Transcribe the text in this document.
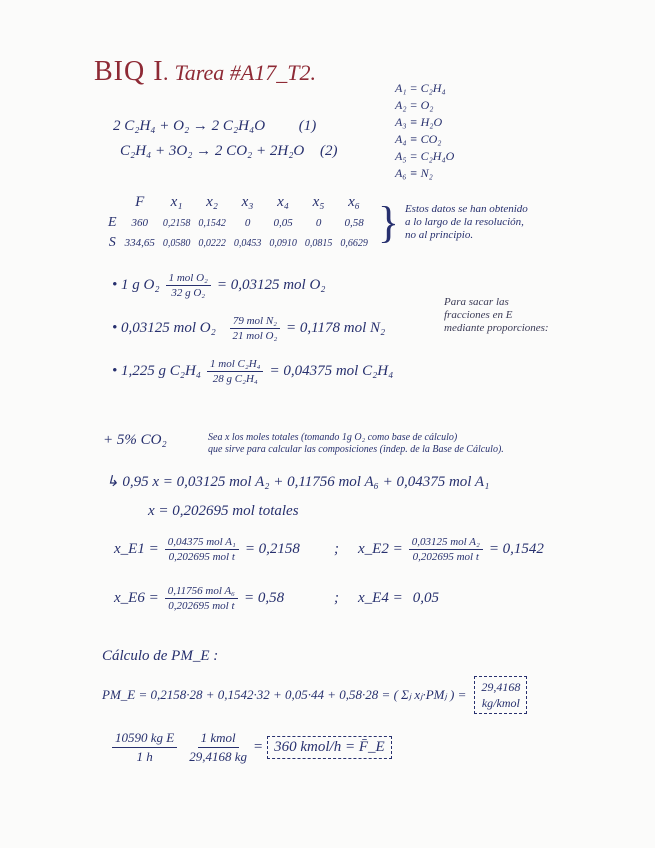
BIQ I. Tarea #A17_T2.
2 C₂H₄ + O₂ → 2 C₂H₄O (1)
C₂H₄ + 3O₂ → 2 CO₂ + 2H₂O (2)
A₁ = C₂H₄
A₂ = O₂
A₃ ≡ H₂O
A₄ ≡ CO₂
A₅ = C₂H₄O
A₆ ≡ N₂
	F	x₁	x₂	x₃	x₄	x₅	x₆
E	360	0,2158	0,1542	0	0,05	0	0,58
S	334,65	0,0580	0,0222	0,0453	0,0910	0,0815	0,6629 } Estos datos se han obtenido
a lo largo de la resolución,
no al principio.
• 1 g $O_2 \frac{\text{1 mol O₂}}{\text{32 g O₂}} = 0,03125$ mol O₂
• 0,03125 mol $O_2 \frac{\text{79 mol N₂}}{\text{21 mol O₂}} = 0,1178$ mol N₂
• 1,225 g $C_2H_4 \frac{\text{1 mol C₂H₄}}{\text{28 g C₂H₄}} = 0,04375$ mol C₂H₄
Para sacar las
fracciones en E
mediante proporciones:
+ 5% CO₂	Sea x los moles totales (tomando 1g O₂ como base de cálculo)
que sirve para calcular las composiciones (indep. de la Base de Cálculo).
↳ 0,95 x = 0,03125 mol A₂ + 0,11756 mol A₆ + 0,04375 mol A₁
x = 0,202695 mol totales
x_E1 = $\frac{\text{0,04375 mol A₁}}{\text{0,202695 mol t}} = 0,2158$ ;	x_E2 = $\frac{\text{0,03125 mol A₂}}{\text{0,202695 mol t}} = 0,1542$
x_E6 = $\frac{\text{0,11756 mol A₆}}{\text{0,202695 mol t}} = 0,58$	;	x_E4 = 0,05
Cálculo de PM_E :
PM_E = 0,2158·28 + 0,1542·32 + 0,05·44 + 0,58·28 = ( Σⱼ xⱼ·PMⱼ ) = 29,4168
kg/kmol
$\frac{\text{10590 kg E}}{1 h} \frac{\text{1 kmol}}{29,4168 kg} = 360$ kmol/h = F̄_E
